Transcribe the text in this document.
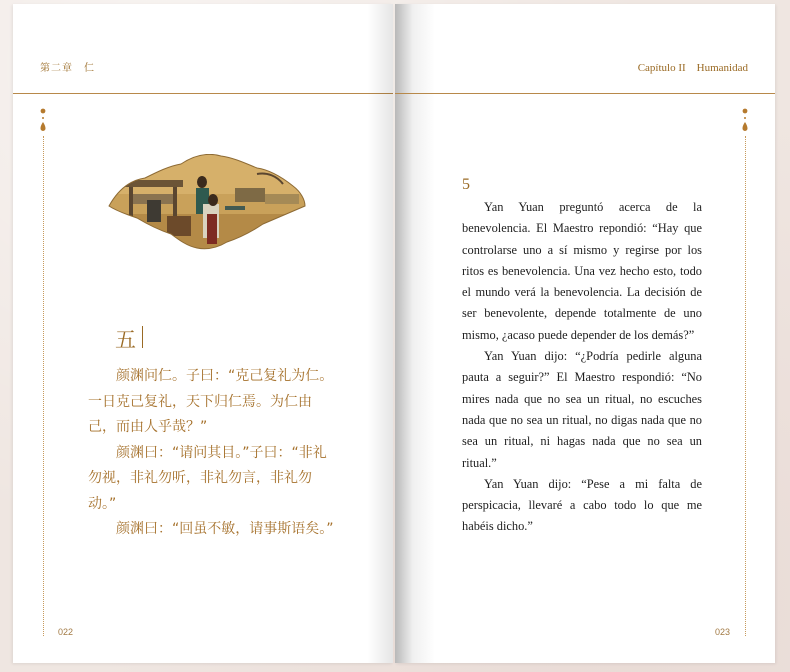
第二章　仁
五

颜渊问仁。子曰：“克己复礼为仁。一日克己复礼，天下归仁焉。为仁由己，而由人乎哉？”

颜渊曰：“请问其目。”子曰：“非礼勿视，非礼勿听，非礼勿言，非礼勿动。”

颜渊曰：“回虽不敏，请事斯语矣。”

022
Capítulo II　Humanidad
5

Yan Yuan preguntó acerca de la benevolencia. El Maestro repondió: “Hay que controlarse uno a sí mismo y regirse por los ritos es benevolencia. Una vez hecho esto, todo el mundo verá la benevolencia. La decisión de ser benevolente, depende totalmente de uno mismo, ¿acaso puede depender de los demás?”

Yan Yuan dijo: “¿Podría pedirle alguna pauta a seguir?” El Maestro respondió: “No mires nada que no sea un ritual, no escuches nada que no sea un ritual, no digas nada que no sea un ritual, ni hagas nada que no sea un ritual.”

Yan Yuan dijo: “Pese a mi falta de perspicacia, llevaré a cabo todo lo que me habéis dicho.”

023
